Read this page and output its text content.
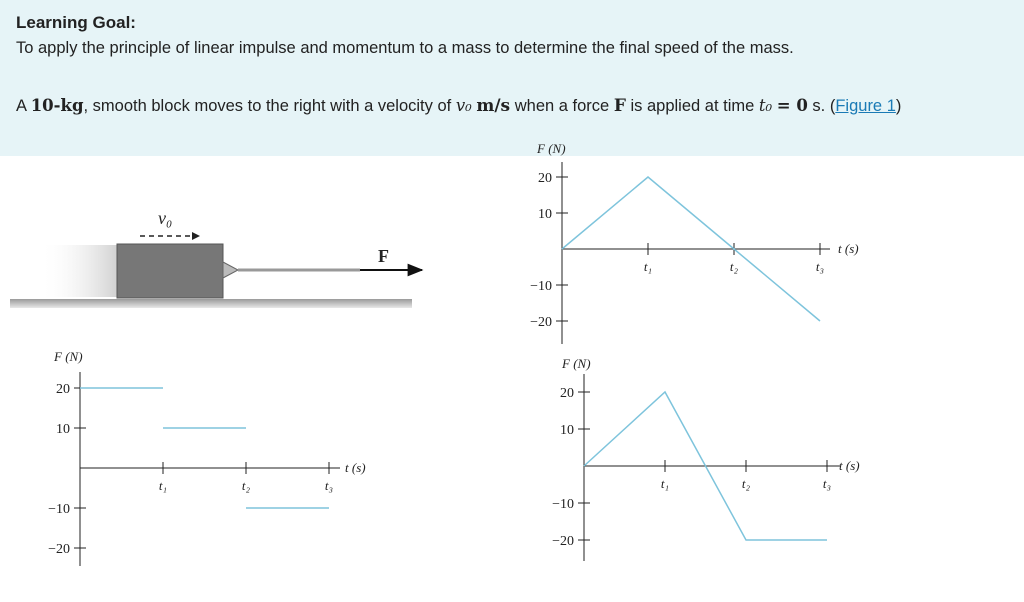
Learning Goal:
To apply the principle of linear impulse and momentum to a mass to determine the final speed of the mass.
A 10-kg, smooth block moves to the right with a velocity of v₀ m/s when a force F is applied at time t₀ = 0 s. (Figure 1)
F
v₀
F (N)
t (s)
20
10
−10
−20
t₁	t₂	t₃
F (N)
t (s)
20
10
−10
−20
t₁	t₂	t₃
F (N)
t (s)
20
10
−10
−20
t₁	t₂	t₃
